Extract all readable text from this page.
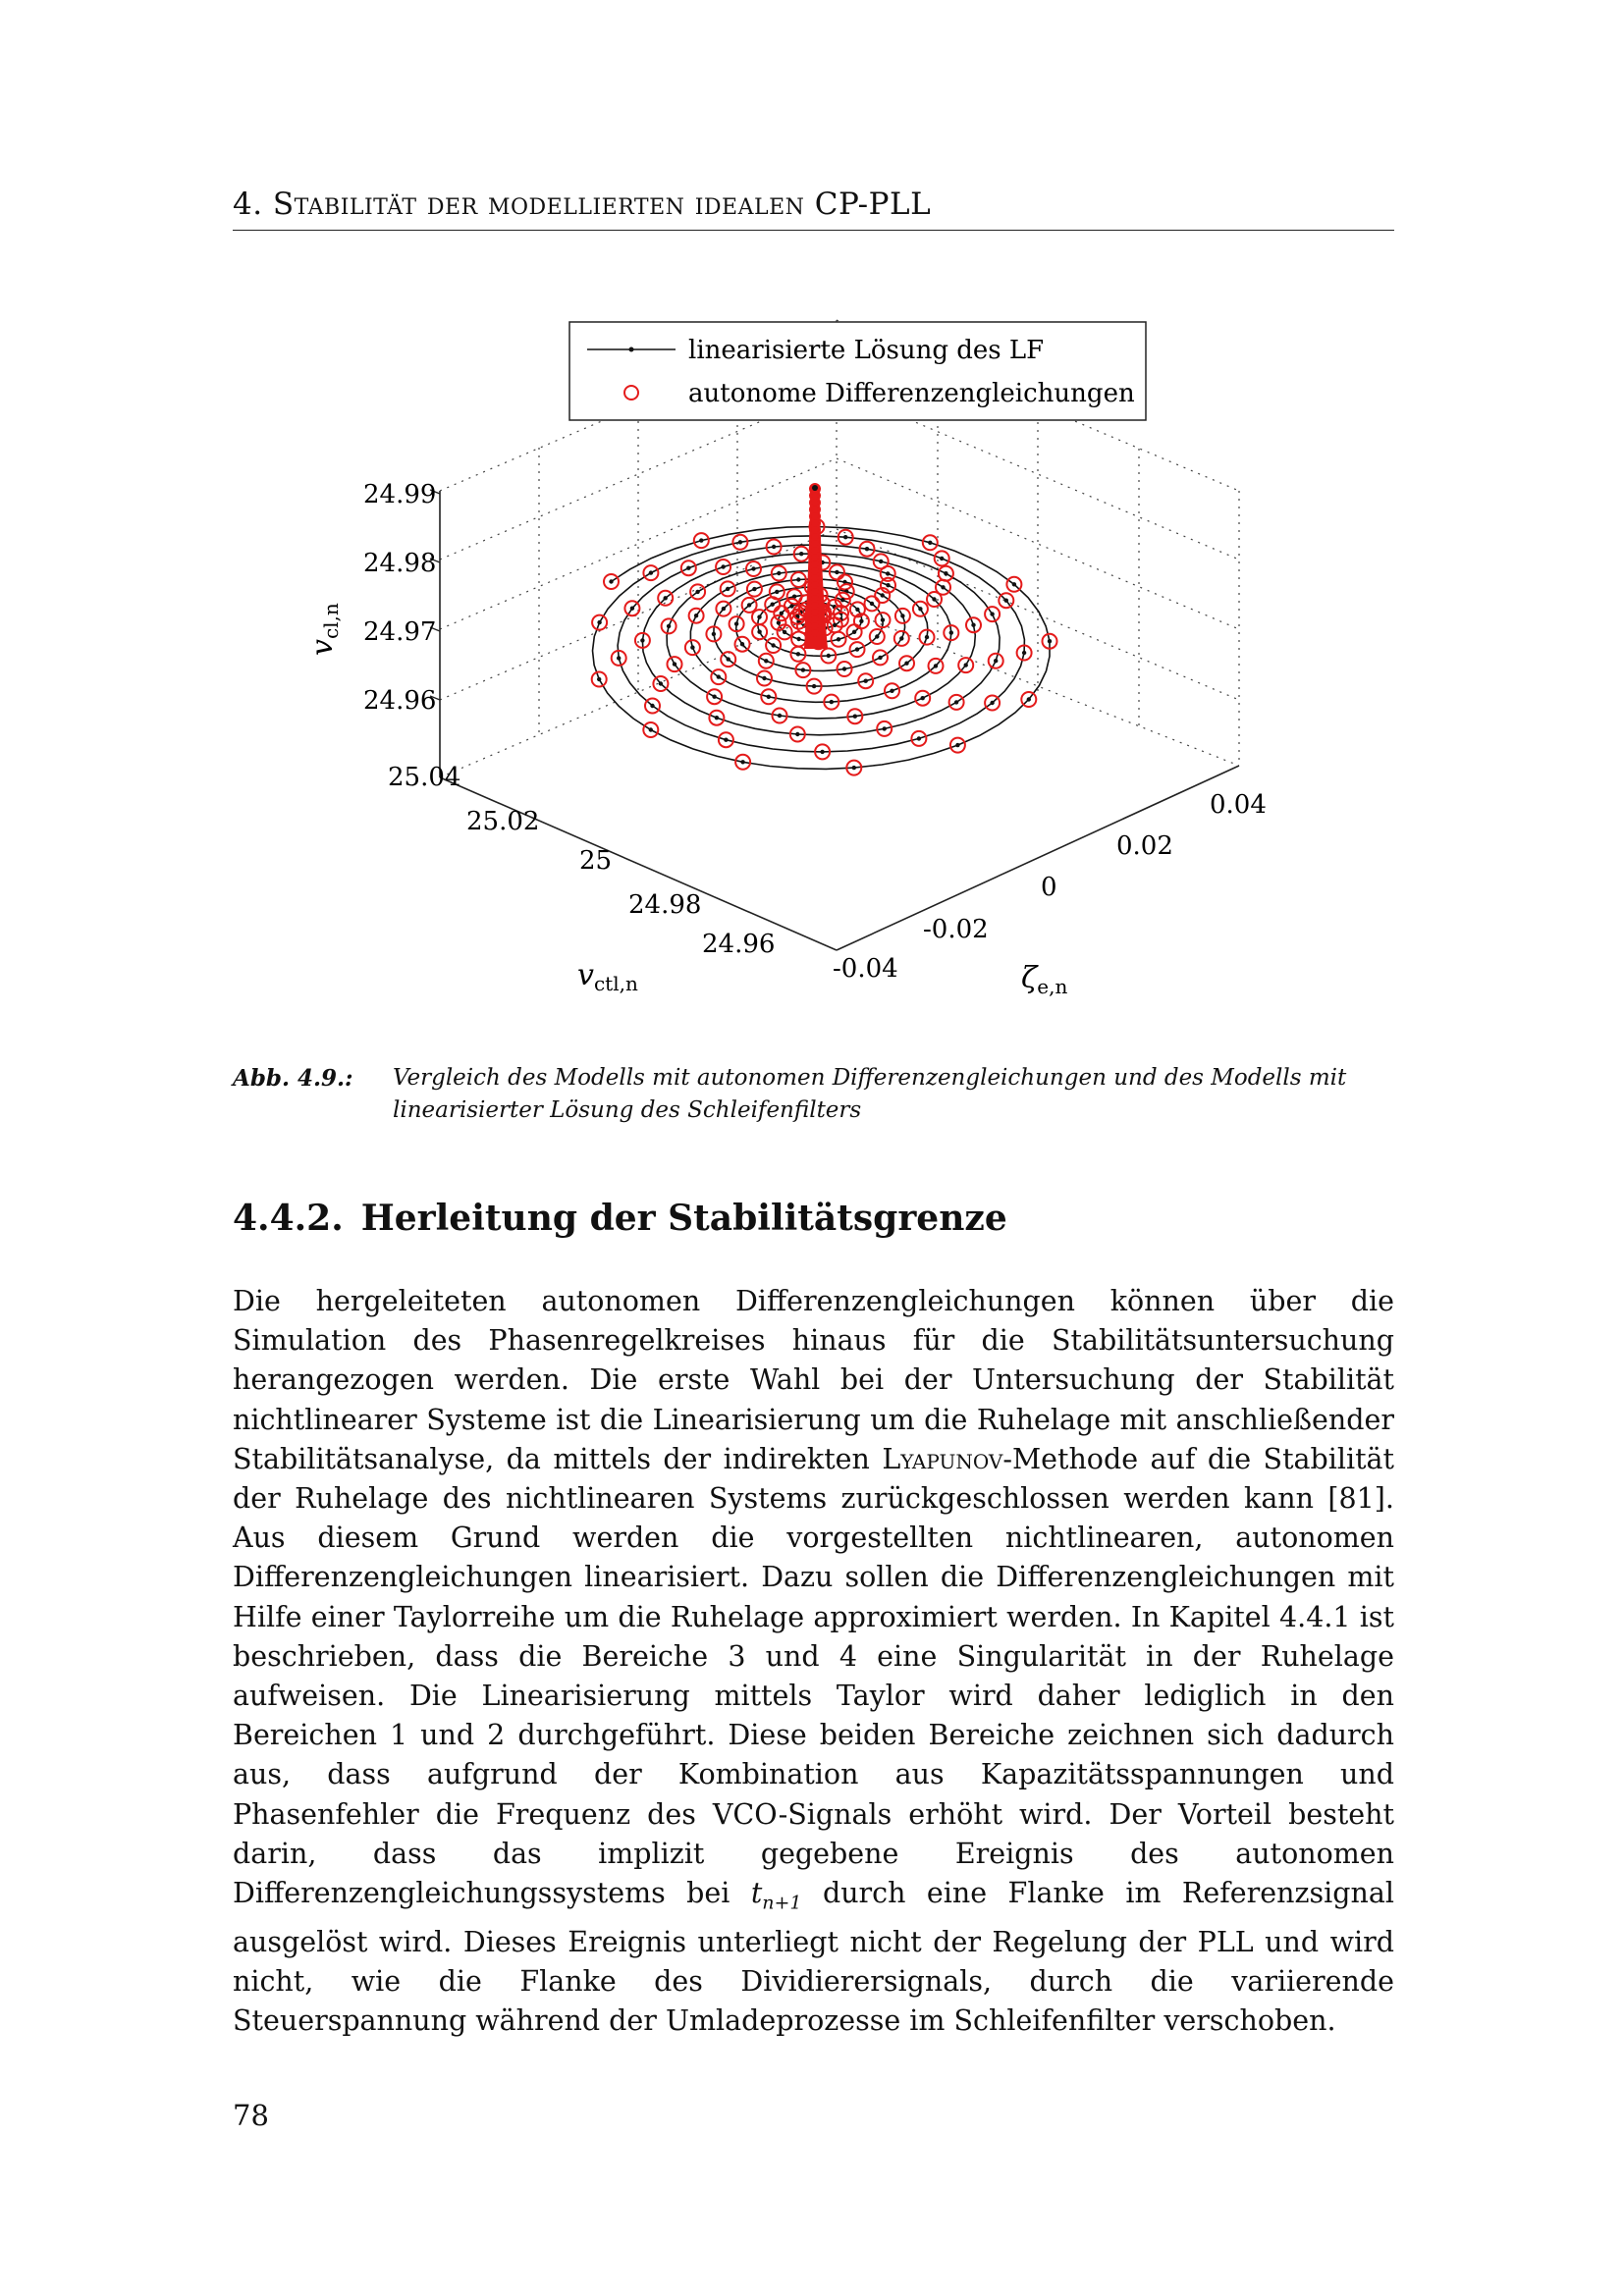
4. Stabilität der modellierten idealen CP-PLL
24.99
24.98
24.97
24.96
25.04
25.02
25
24.98
24.96
-0.04
-0.02
0
0.02
0.04
linearisierte Lösung des LF
autonome Differenzengleichungen
$v_{cl,n}$
$v_{ctl,n}$	$\zeta_{e,n}$
Abb. 4.9.:	Vergleich des Modells mit autonomen Differenzengleichungen und des Modells mit linearisierter Lösung des Schleifenfilters
4.4.2. Herleitung der Stabilitätsgrenze

Die hergeleiteten autonomen Differenzengleichungen können über die Simulation des Phasenregelkreises hinaus für die Stabilitätsuntersuchung herangezogen werden. Die erste Wahl bei der Untersuchung der Stabilität nichtlinearer Systeme ist die Linearisierung um die Ruhelage mit anschließender Stabilitätsanalyse, da mittels der indirekten Lyapunov-Methode auf die Stabilität der Ruhelage des nichtlinearen Systems zurückgeschlossen werden kann [81]. Aus diesem Grund werden die vorgestellten nichtlinearen, autonomen Differenzengleichungen linearisiert. Dazu sollen die Differenzengleichungen mit Hilfe einer Taylorreihe um die Ruhelage approximiert werden. In Kapitel 4.4.1 ist beschrieben, dass die Bereiche 3 und 4 eine Singularität in der Ruhelage aufweisen. Die Linearisierung mittels Taylor wird daher lediglich in den Bereichen 1 und 2 durchgeführt. Diese beiden Bereiche zeichnen sich dadurch aus, dass aufgrund der Kombination aus Kapazitätsspannungen und Phasenfehler die Frequenz des VCO-Signals erhöht wird. Der Vorteil besteht darin, dass das implizit gegebene Ereignis des autonomen Differenzengleichungssystems bei $t_{n+1}$ durch eine Flanke im Referenzsignal ausgelöst wird. Dieses Ereignis unterliegt nicht der Regelung der PLL und wird nicht, wie die Flanke des Dividierersignals, durch die variierende Steuerspannung während der Umladeprozesse im Schleifenfilter verschoben.

78
